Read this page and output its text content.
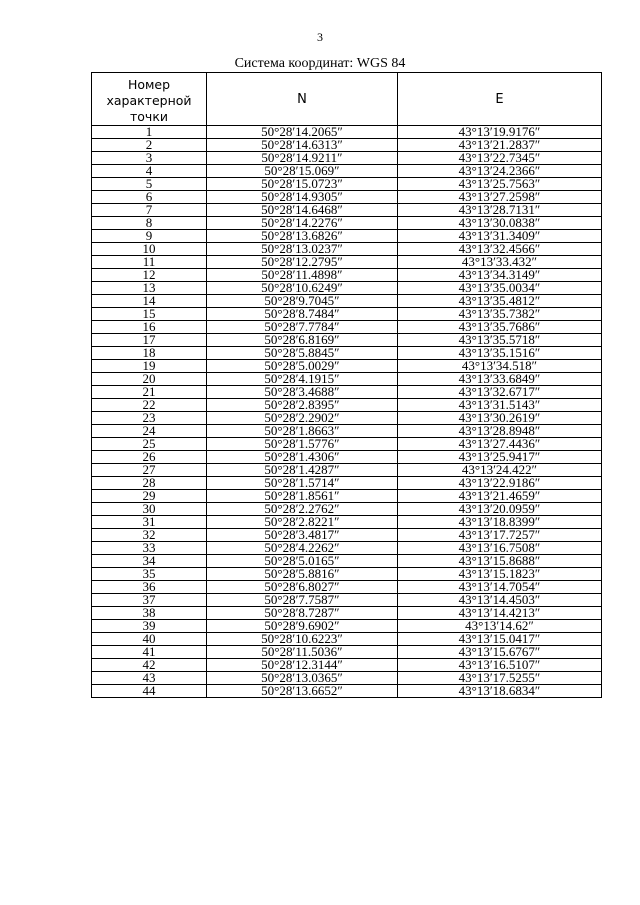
3
Система координат: WGS 84
Номер характерной точки	N	E
1	50°28′14.2065″	43°13′19.9176″
2	50°28′14.6313″	43°13′21.2837″
3	50°28′14.9211″	43°13′22.7345″
4	50°28′15.069″	43°13′24.2366″
5	50°28′15.0723″	43°13′25.7563″
6	50°28′14.9305″	43°13′27.2598″
7	50°28′14.6468″	43°13′28.7131″
8	50°28′14.2276″	43°13′30.0838″
9	50°28′13.6826″	43°13′31.3409″
10	50°28′13.0237″	43°13′32.4566″
11	50°28′12.2795″	43°13′33.432″
12	50°28′11.4898″	43°13′34.3149″
13	50°28′10.6249″	43°13′35.0034″
14	50°28′9.7045″	43°13′35.4812″
15	50°28′8.7484″	43°13′35.7382″
16	50°28′7.7784″	43°13′35.7686″
17	50°28′6.8169″	43°13′35.5718″
18	50°28′5.8845″	43°13′35.1516″
19	50°28′5.0029″	43°13′34.518″
20	50°28′4.1915″	43°13′33.6849″
21	50°28′3.4688″	43°13′32.6717″
22	50°28′2.8395″	43°13′31.5143″
23	50°28′2.2902″	43°13′30.2619″
24	50°28′1.8663″	43°13′28.8948″
25	50°28′1.5776″	43°13′27.4436″
26	50°28′1.4306″	43°13′25.9417″
27	50°28′1.4287″	43°13′24.422″
28	50°28′1.5714″	43°13′22.9186″
29	50°28′1.8561″	43°13′21.4659″
30	50°28′2.2762″	43°13′20.0959″
31	50°28′2.8221″	43°13′18.8399″
32	50°28′3.4817″	43°13′17.7257″
33	50°28′4.2262″	43°13′16.7508″
34	50°28′5.0165″	43°13′15.8688″
35	50°28′5.8816″	43°13′15.1823″
36	50°28′6.8027″	43°13′14.7054″
37	50°28′7.7587″	43°13′14.4503″
38	50°28′8.7287″	43°13′14.4213″
39	50°28′9.6902″	43°13′14.62″
40	50°28′10.6223″	43°13′15.0417″
41	50°28′11.5036″	43°13′15.6767″
42	50°28′12.3144″	43°13′16.5107″
43	50°28′13.0365″	43°13′17.5255″
44	50°28′13.6652″	43°13′18.6834″
